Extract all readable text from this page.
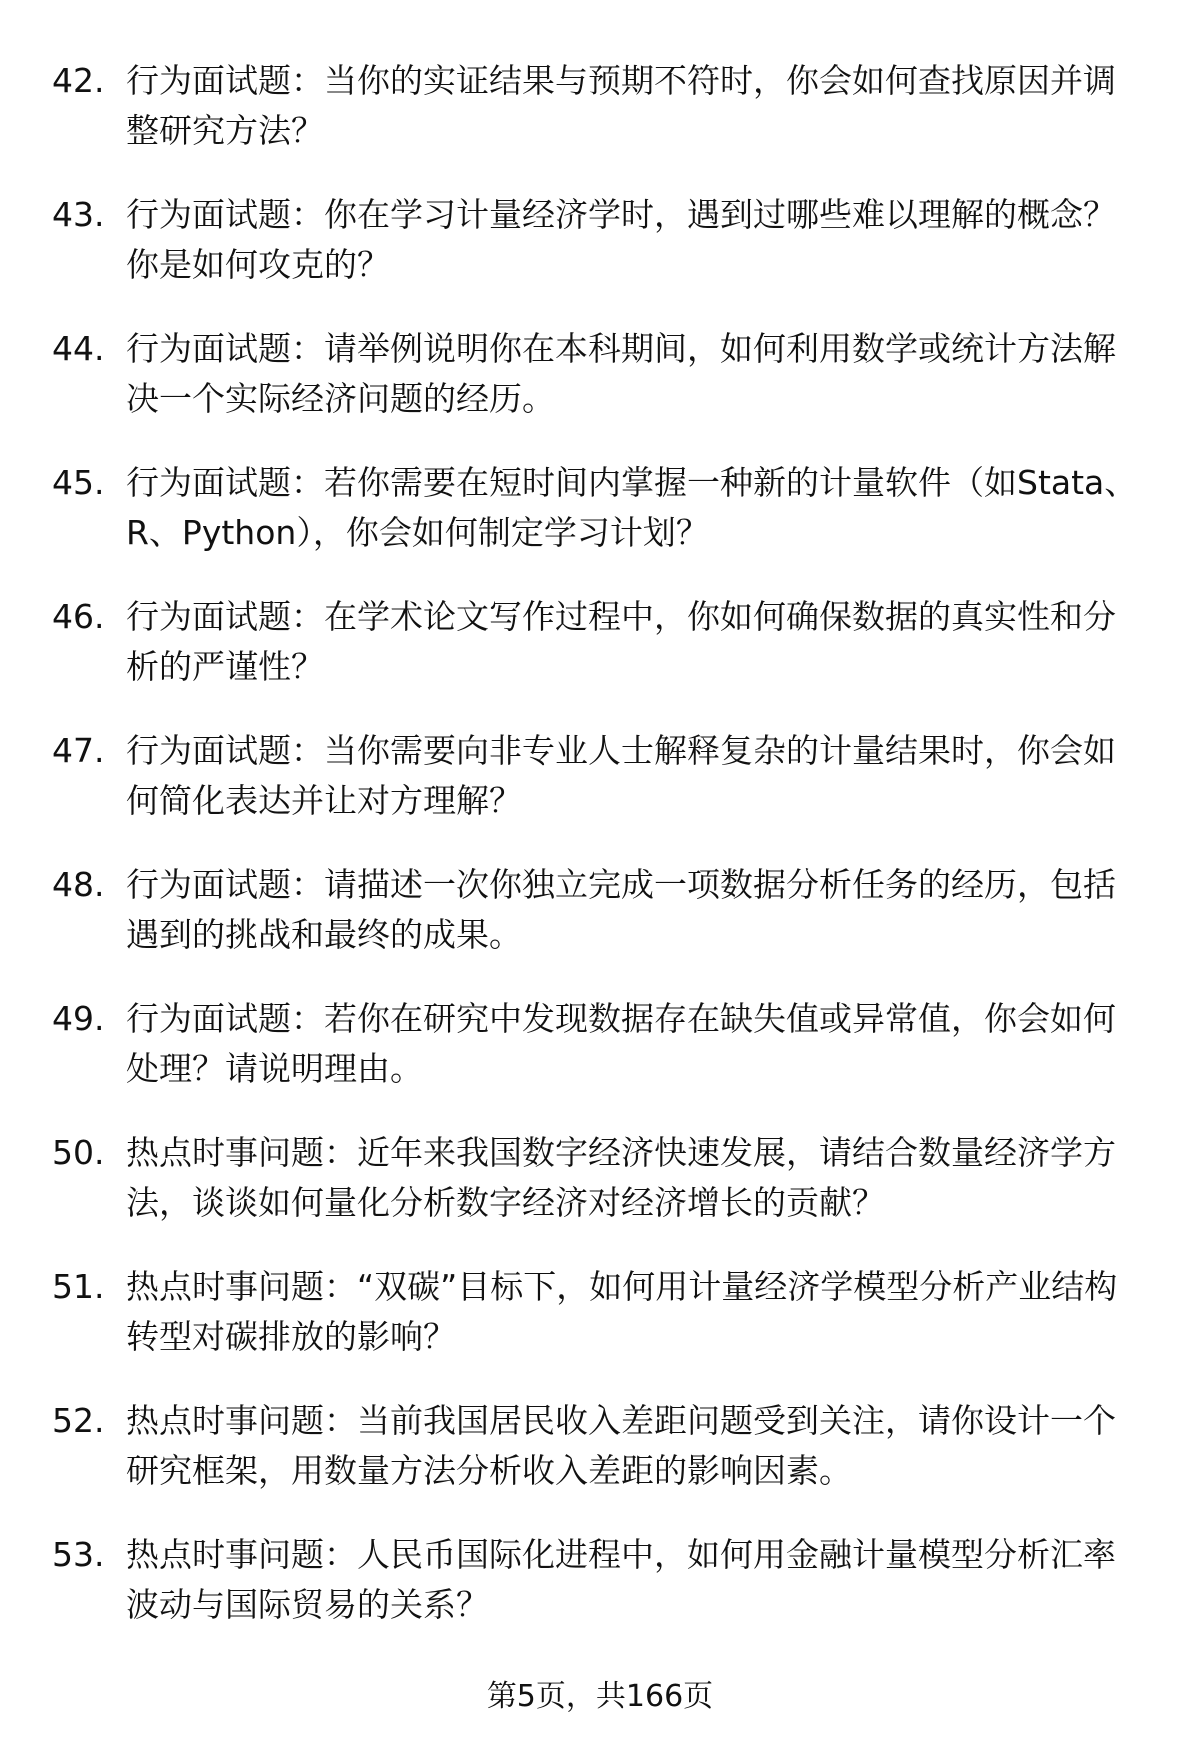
42. 行为面试题：当你的实证结果与预期不符时，你会如何查找原因并调整研究方法？
43. 行为面试题：你在学习计量经济学时，遇到过哪些难以理解的概念？你是如何攻克的？
44. 行为面试题：请举例说明你在本科期间，如何利用数学或统计方法解决一个实际经济问题的经历。
45. 行为面试题：若你需要在短时间内掌握一种新的计量软件（如Stata、R、Python），你会如何制定学习计划？
46. 行为面试题：在学术论文写作过程中，你如何确保数据的真实性和分析的严谨性？
47. 行为面试题：当你需要向非专业人士解释复杂的计量结果时，你会如何简化表达并让对方理解？
48. 行为面试题：请描述一次你独立完成一项数据分析任务的经历，包括遇到的挑战和最终的成果。
49. 行为面试题：若你在研究中发现数据存在缺失值或异常值，你会如何处理？请说明理由。
50. 热点时事问题：近年来我国数字经济快速发展，请结合数量经济学方法，谈谈如何量化分析数字经济对经济增长的贡献？
51. 热点时事问题：“双碳”目标下，如何用计量经济学模型分析产业结构转型对碳排放的影响？
52. 热点时事问题：当前我国居民收入差距问题受到关注，请你设计一个研究框架，用数量方法分析收入差距的影响因素。
53. 热点时事问题：人民币国际化进程中，如何用金融计量模型分析汇率波动与国际贸易的关系？
第5页，共166页
